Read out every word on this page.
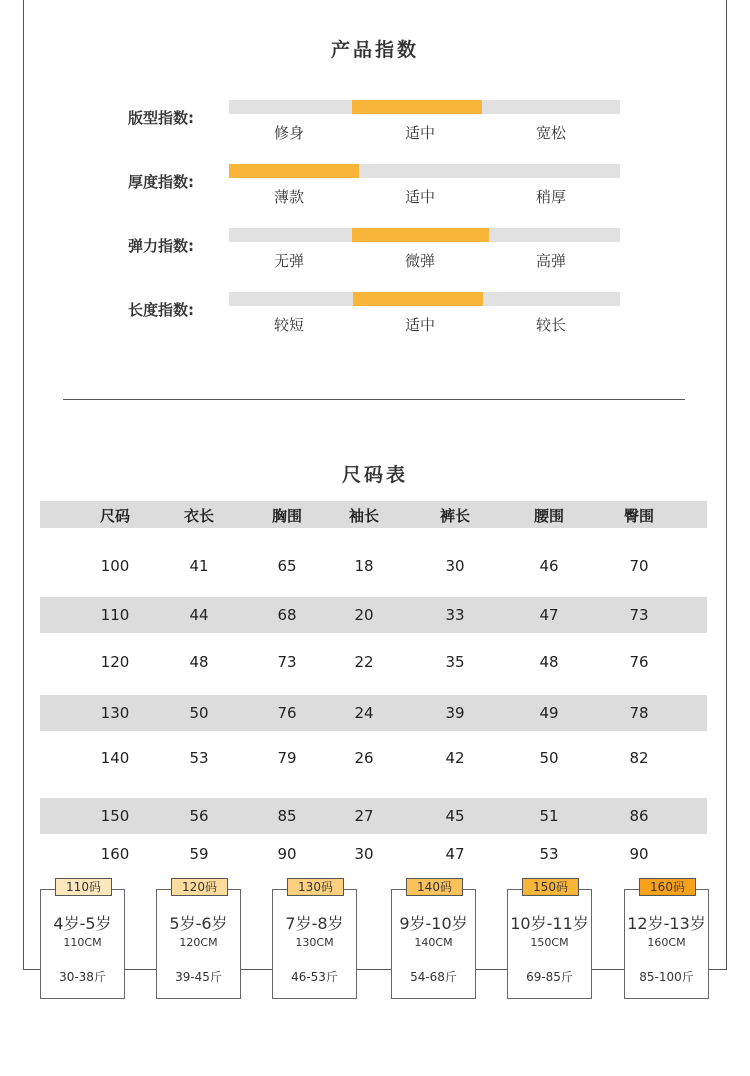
产品指数
版型指数:
修身	适中	宽松
厚度指数:
薄款	适中	稍厚
弹力指数:
无弹	微弹	高弹
长度指数:
较短	适中	较长
尺码表
尺码	衣长	胸围	袖长	裤长	腰围	臀围
100	41	65	18	30	46	70
110	44	68	20	33	47	73
120	48	73	22	35	48	76
130	50	76	24	39	49	78
140	53	79	26	42	50	82
150	56	85	27	45	51	86
160	59	90	30	47	53	90
110码
4岁-5岁
110CM
30-38斤
120码
5岁-6岁
120CM
39-45斤
130码
7岁-8岁
130CM
46-53斤
140码
9岁-10岁
140CM
54-68斤
150码
10岁-11岁
150CM
69-85斤
160码
12岁-13岁
160CM
85-100斤
